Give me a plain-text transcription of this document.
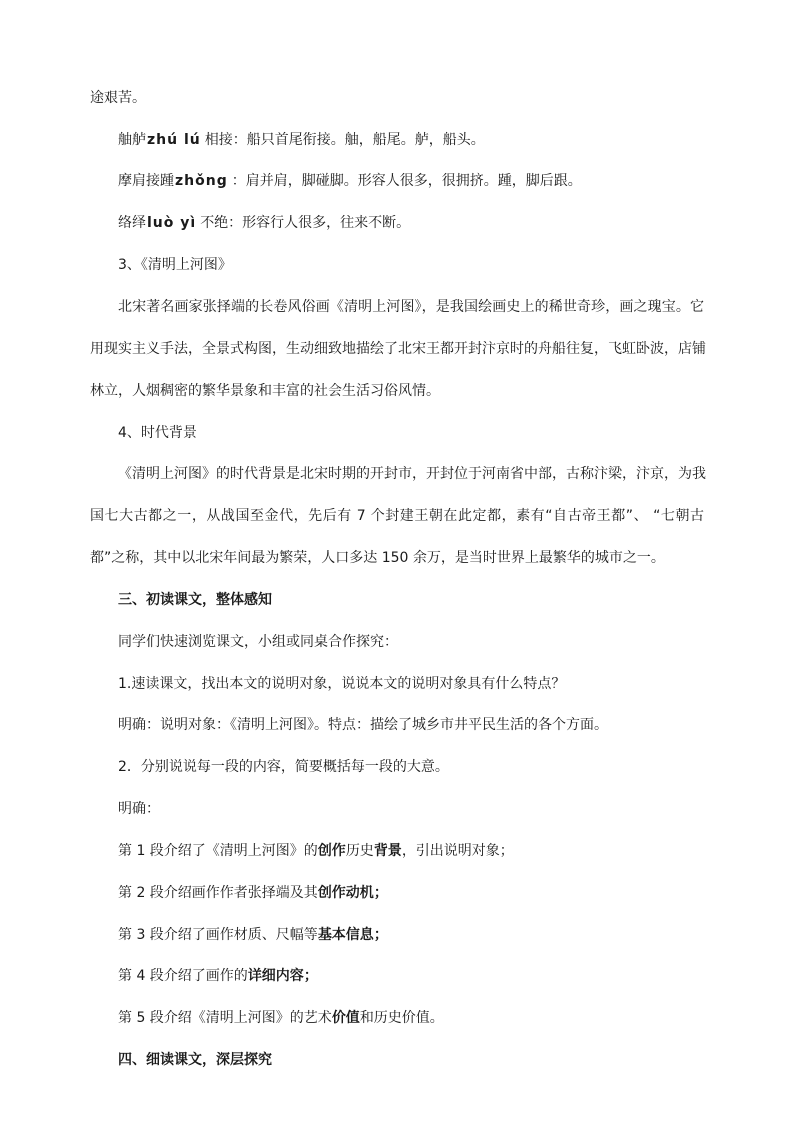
途艰苦。

舳舻zhú lú 相接：船只首尾衔接。舳，船尾。舻，船头。

摩肩接踵zhǒng ：肩并肩，脚碰脚。形容人很多，很拥挤。踵，脚后跟。

络绎luò yì 不绝：形容行人很多，往来不断。

3、《清明上河图》

北宋著名画家张择端的长卷风俗画《清明上河图》，是我国绘画史上的稀世奇珍，画之瑰宝。它

用现实主义手法，全景式构图，生动细致地描绘了北宋王都开封汴京时的舟船往复，飞虹卧波，店铺

林立，人烟稠密的繁华景象和丰富的社会生活习俗风情。

4、时代背景

《清明上河图》的时代背景是北宋时期的开封市，开封位于河南省中部，古称汴梁，汴京，为我

国七大古都之一，从战国至金代，先后有 7 个封建王朝在此定都，素有“自古帝王都”、 “七朝古

都”之称，其中以北宋年间最为繁荣，人口多达 150 余万，是当时世界上最繁华的城市之一。

三、初读课文，整体感知

同学们快速浏览课文，小组或同桌合作探究：

1.速读课文，找出本文的说明对象，说说本文的说明对象具有什么特点？

明确：说明对象：《清明上河图》。特点：描绘了城乡市井平民生活的各个方面。

2．分别说说每一段的内容，简要概括每一段的大意。

明确：

第 1 段介绍了《清明上河图》的创作历史背景，引出说明对象；

第 2 段介绍画作作者张择端及其创作动机；

第 3 段介绍了画作材质、尺幅等基本信息；

第 4 段介绍了画作的详细内容；

第 5 段介绍《清明上河图》的艺术价值和历史价值。

四、细读课文，深层探究
